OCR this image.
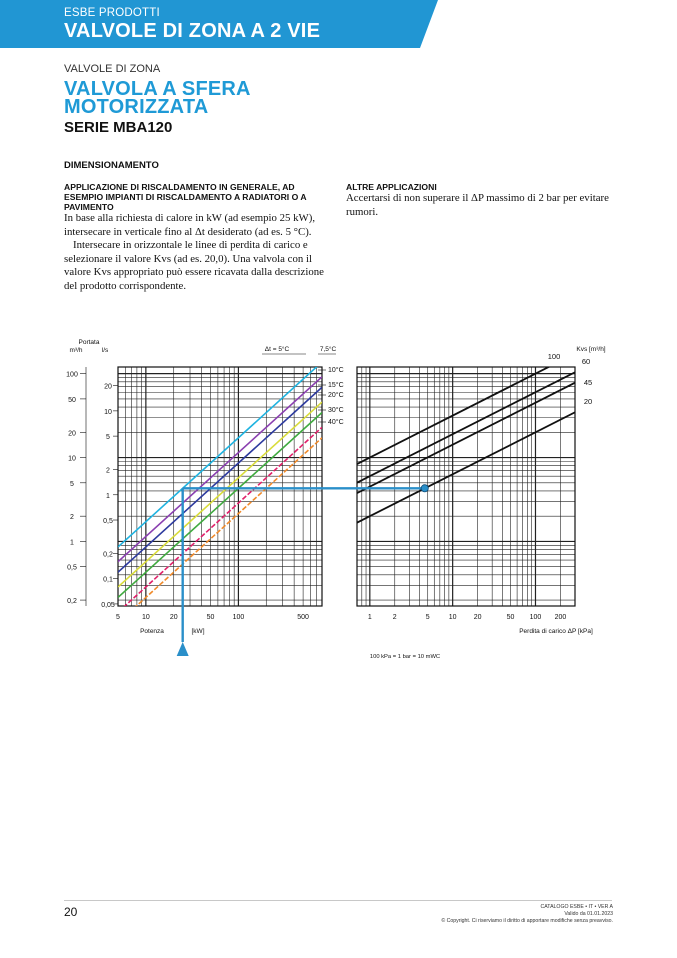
ESBE PRODOTTI
VALVOLE DI ZONA A 2 VIE
VALVOLE DI ZONA
VALVOLA A SFERA MOTORIZZATA
SERIE MBA120
DIMENSIONAMENTO
APPLICAZIONE DI RISCALDAMENTO IN GENERALE, AD ESEMPIO IMPIANTI DI RISCALDAMENTO A RADIATORI O A PAVIMENTO

In base alla richiesta di calore in kW (ad esempio 25 kW), intersecare in verticale fino al Δt desiderato (ad es. 5 °C).

Intersecare in orizzontale le linee di perdita di carico e selezionare il valore Kvs (ad es. 20,0). Una valvola con il valore Kvs appropriato può essere ricavata dalla descrizione del prodotto corrispondente.

ALTRE APPLICAZIONI

Accertarsi di non superare il ΔP massimo di 2 bar per evitare rumori.

10°C
15°C
20°C
30°C
40°C
Δt = 5°C	7,5°C
Portata
m³/h	l/s
100
50
20
10
5
2
1
0,5
0,2
20
10
5
2
1
0,5
0,2
0,1
0,05
5	10	20	50	100	500
Potenza	[kW]
100
60
45
20
Kvs [m³/h]
1	2	5	10 20	50 100 200
Perdita di carico ΔP [kPa]
100 kPa = 1 bar = 10 mWC
20	CATALOGO ESBE • IT • VER A
Valido da 01.01.2023
© Copyright. Ci riserviamo il diritto di apportare modifiche senza preavviso.
